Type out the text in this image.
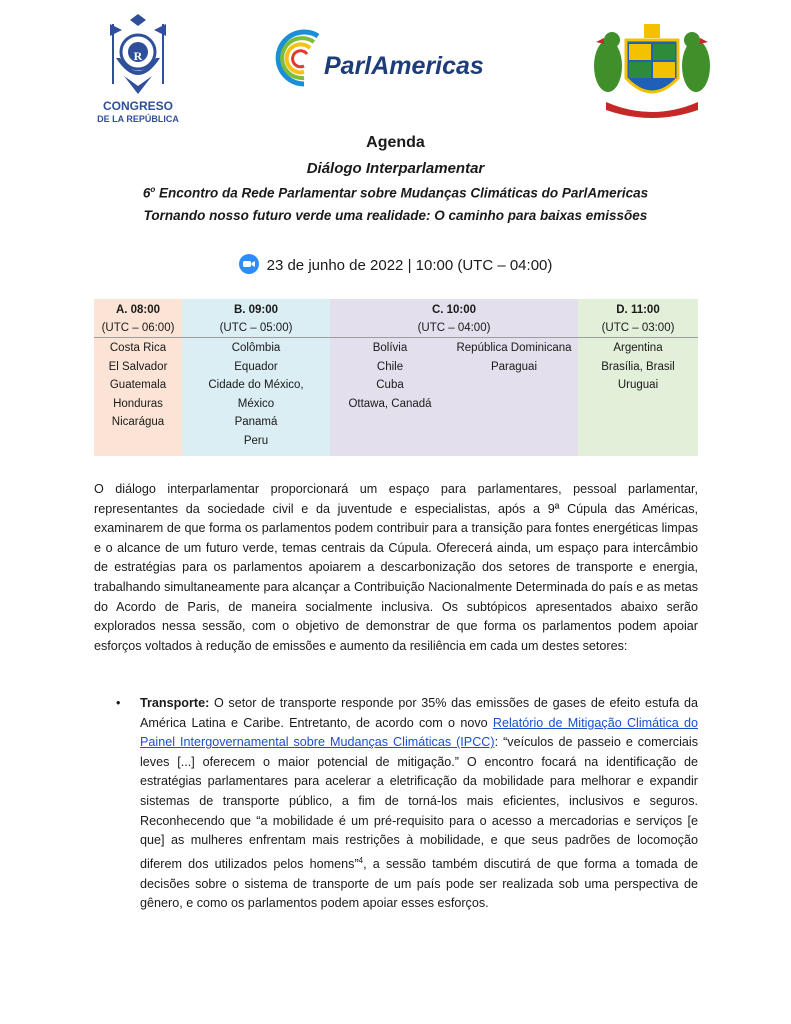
R
CONGRESO
DE LA REPÚBLICA
ParlAmericas
Agenda
Diálogo Interparlamentar
6$^o$ Encontro da Rede Parlamentar sobre Mudanças Climáticas do ParlAmericas
Tornando nosso futuro verde uma realidade: O caminho para baixas emissões
23 de junho de 2022 | 10:00 (UTC – 04:00)
A. 08:00
(UTC – 06:00)
Costa Rica
El Salvador
Guatemala
Honduras
Nicarágua
B. 09:00
(UTC – 05:00)
Colômbia
Equador
Cidade do México,
México
Panamá
Peru
C. 10:00
(UTC – 04:00)
Bolívia
Chile
Cuba
Ottawa, Canadá
República Dominicana
Paraguai
D. 11:00
(UTC – 03:00)
Argentina
Brasília, Brasil
Uruguai
O diálogo interparlamentar proporcionará um espaço para parlamentares, pessoal parlamentar, representantes da sociedade civil e da juventude e especialistas, após a 9ª Cúpula das Américas, examinarem de que forma os parlamentos podem contribuir para a transição para fontes energéticas limpas e o alcance de um futuro verde, temas centrais da Cúpula. Oferecerá ainda, um espaço para intercâmbio de estratégias para os parlamentos apoiarem a descarbonização dos setores de transporte e energia, trabalhando simultaneamente para alcançar a Contribuição Nacionalmente Determinada do país e as metas do Acordo de Paris, de maneira socialmente inclusiva. Os subtópicos apresentados abaixo serão explorados nessa sessão, com o objetivo de demonstrar de que forma os parlamentos podem apoiar esforços voltados à redução de emissões e aumento da resiliência em cada um destes setores:
• Transporte: O setor de transporte responde por 35% das emissões de gases de efeito estufa da América Latina e Caribe. Entretanto, de acordo com o novo Relatório de Mitigação Climática do Painel Intergovernamental sobre Mudanças Climáticas (IPCC): “veículos de passeio e comerciais leves [...] oferecem o maior potencial de mitigação.” O encontro focará na identificação de estratégias parlamentares para acelerar a eletrificação da mobilidade para melhorar e expandir sistemas de transporte público, a fim de torná-los mais eficientes, inclusivos e seguros. Reconhecendo que “a mobilidade é um pré-requisito para o acesso a mercadorias e serviços [e que] as mulheres enfrentam mais restrições à mobilidade, e que seus padrões de locomoção diferem dos utilizados pelos homens”$^4$, a sessão também discutirá de que forma a tomada de decisões sobre o sistema de transporte de um país pode ser realizada sob uma perspectiva de gênero, e como os parlamentos podem apoiar esses esforços.
